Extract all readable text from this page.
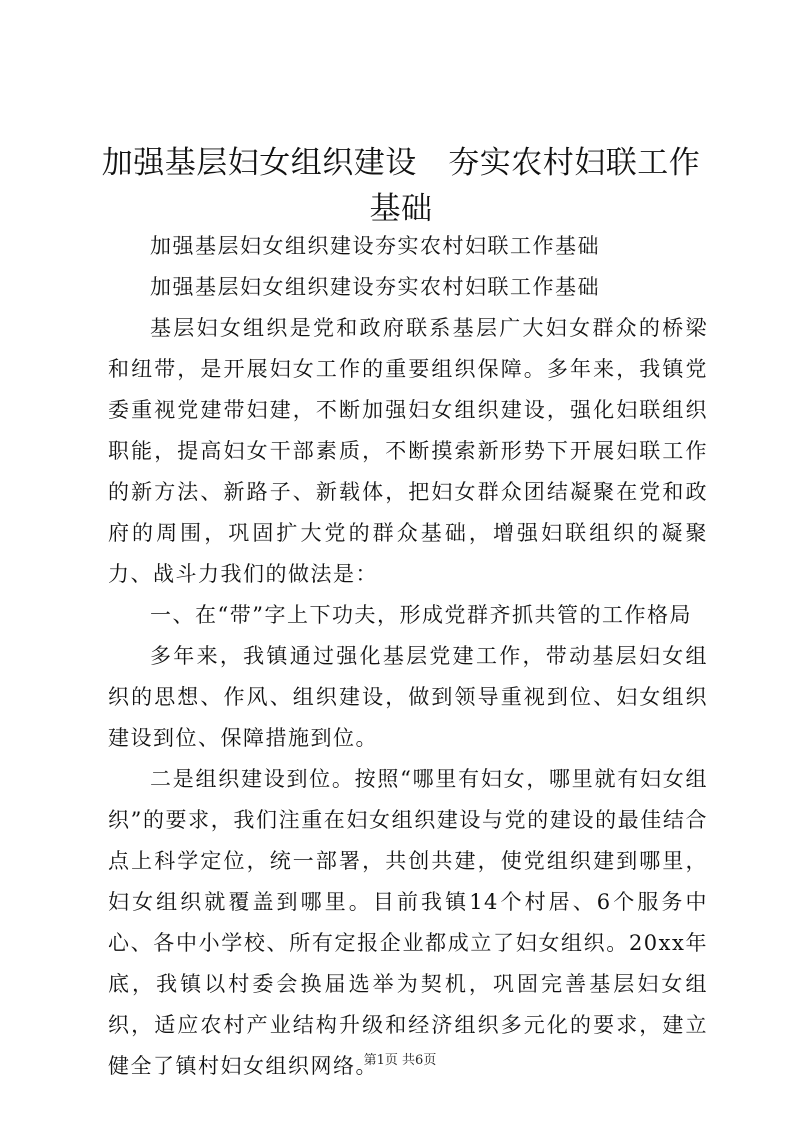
加强基层妇女组织建设　夯实农村妇联工作基础

加强基层妇女组织建设夯实农村妇联工作基础

加强基层妇女组织建设夯实农村妇联工作基础

基层妇女组织是党和政府联系基层广大妇女群众的桥梁和纽带，是开展妇女工作的重要组织保障。多年来，我镇党委重视党建带妇建，不断加强妇女组织建设，强化妇联组织职能，提高妇女干部素质，不断摸索新形势下开展妇联工作的新方法、新路子、新载体，把妇女群众团结凝聚在党和政府的周围，巩固扩大党的群众基础，增强妇联组织的凝聚力、战斗力我们的做法是：

一、在“带”字上下功夫，形成党群齐抓共管的工作格局

多年来，我镇通过强化基层党建工作，带动基层妇女组织的思想、作风、组织建设，做到领导重视到位、妇女组织建设到位、保障措施到位。

二是组织建设到位。按照“哪里有妇女，哪里就有妇女组织”的要求，我们注重在妇女组织建设与党的建设的最佳结合点上科学定位，统一部署，共创共建，使党组织建到哪里，妇女组织就覆盖到哪里。目前我镇14个村居、6个服务中心、各中小学校、所有定报企业都成立了妇女组织。20xx年底，我镇以村委会换届选举为契机，巩固完善基层妇女组织，适应农村产业结构升级和经济组织多元化的要求，建立健全了镇村妇女组织网络。

第1页 共6页
